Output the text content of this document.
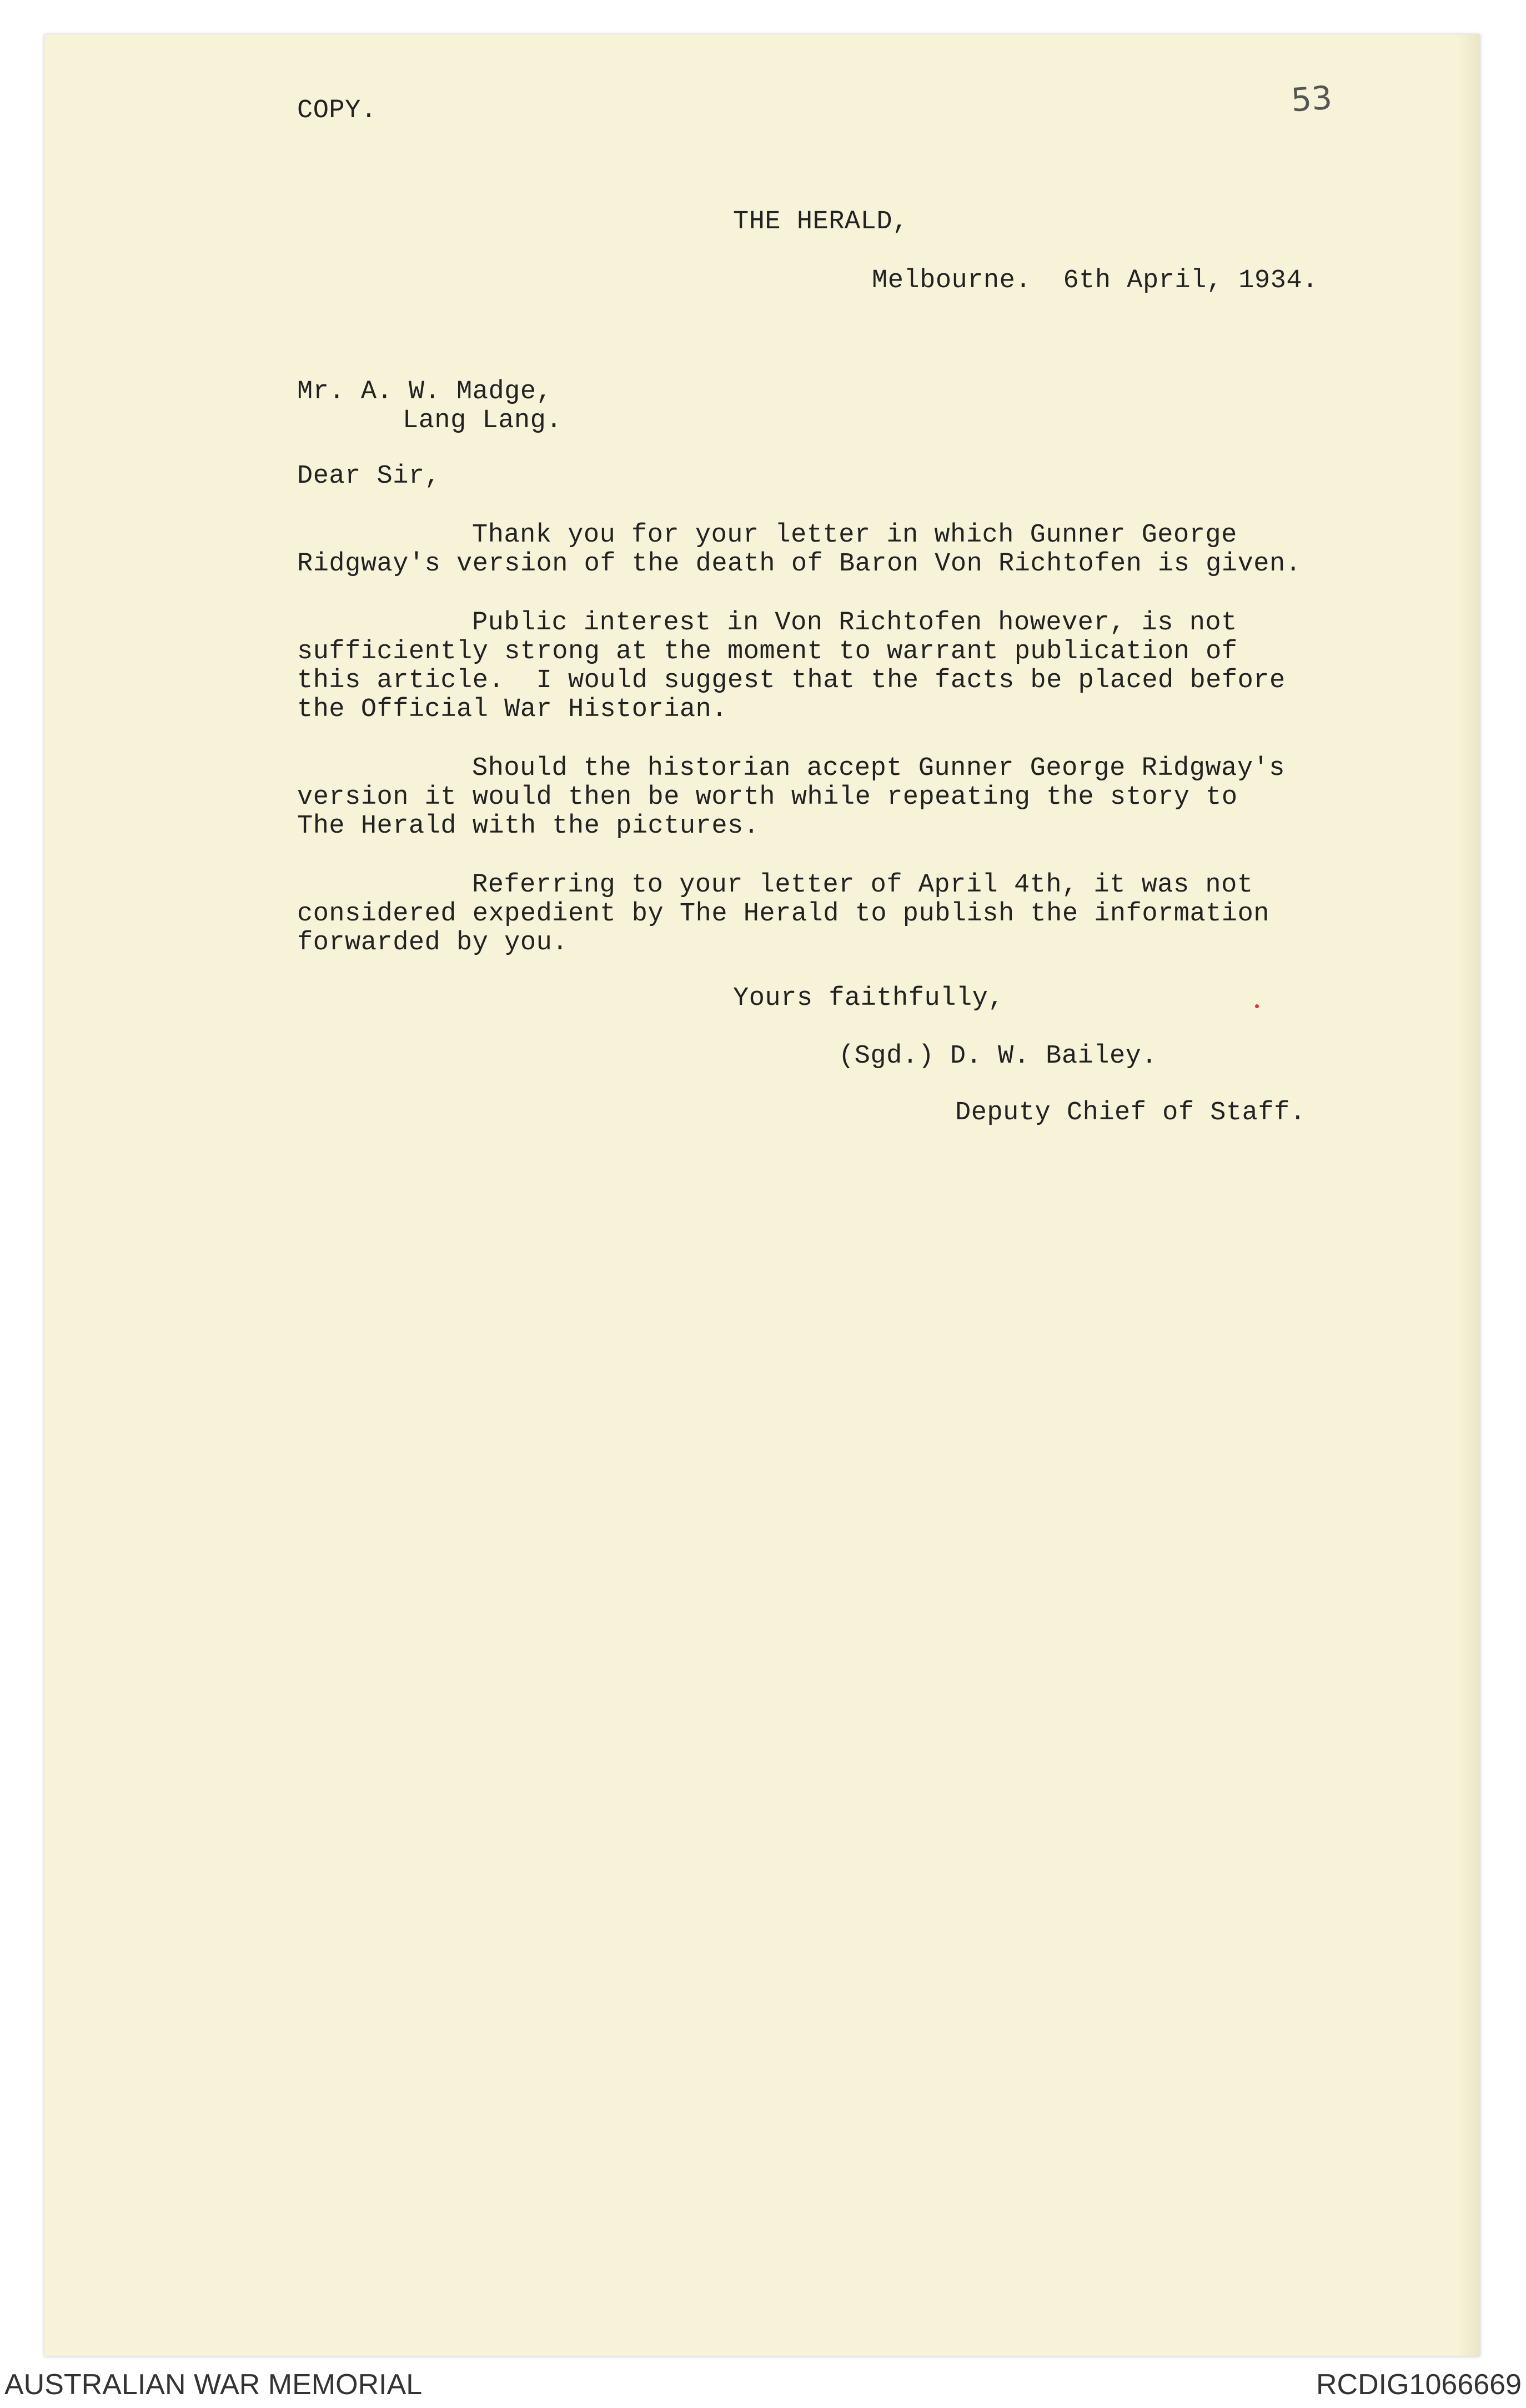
COPY.	53
THE HERALD,
Melbourne.  6th April, 1934.
Mr. A. W. Madge,
Lang Lang.
Dear Sir,
Thank you for your letter in which Gunner George
Ridgway's version of the death of Baron Von Richtofen is given.
Public interest in Von Richtofen however, is not
sufficiently strong at the moment to warrant publication of
this article.  I would suggest that the facts be placed before
the Official War Historian.
Should the historian accept Gunner George Ridgway's
version it would then be worth while repeating the story to
The Herald with the pictures.
Referring to your letter of April 4th, it was not
considered expedient by The Herald to publish the information
forwarded by you.
Yours faithfully,
(Sgd.) D. W. Bailey.
Deputy Chief of Staff.
AUSTRALIAN WAR MEMORIAL	RCDIG1066669
